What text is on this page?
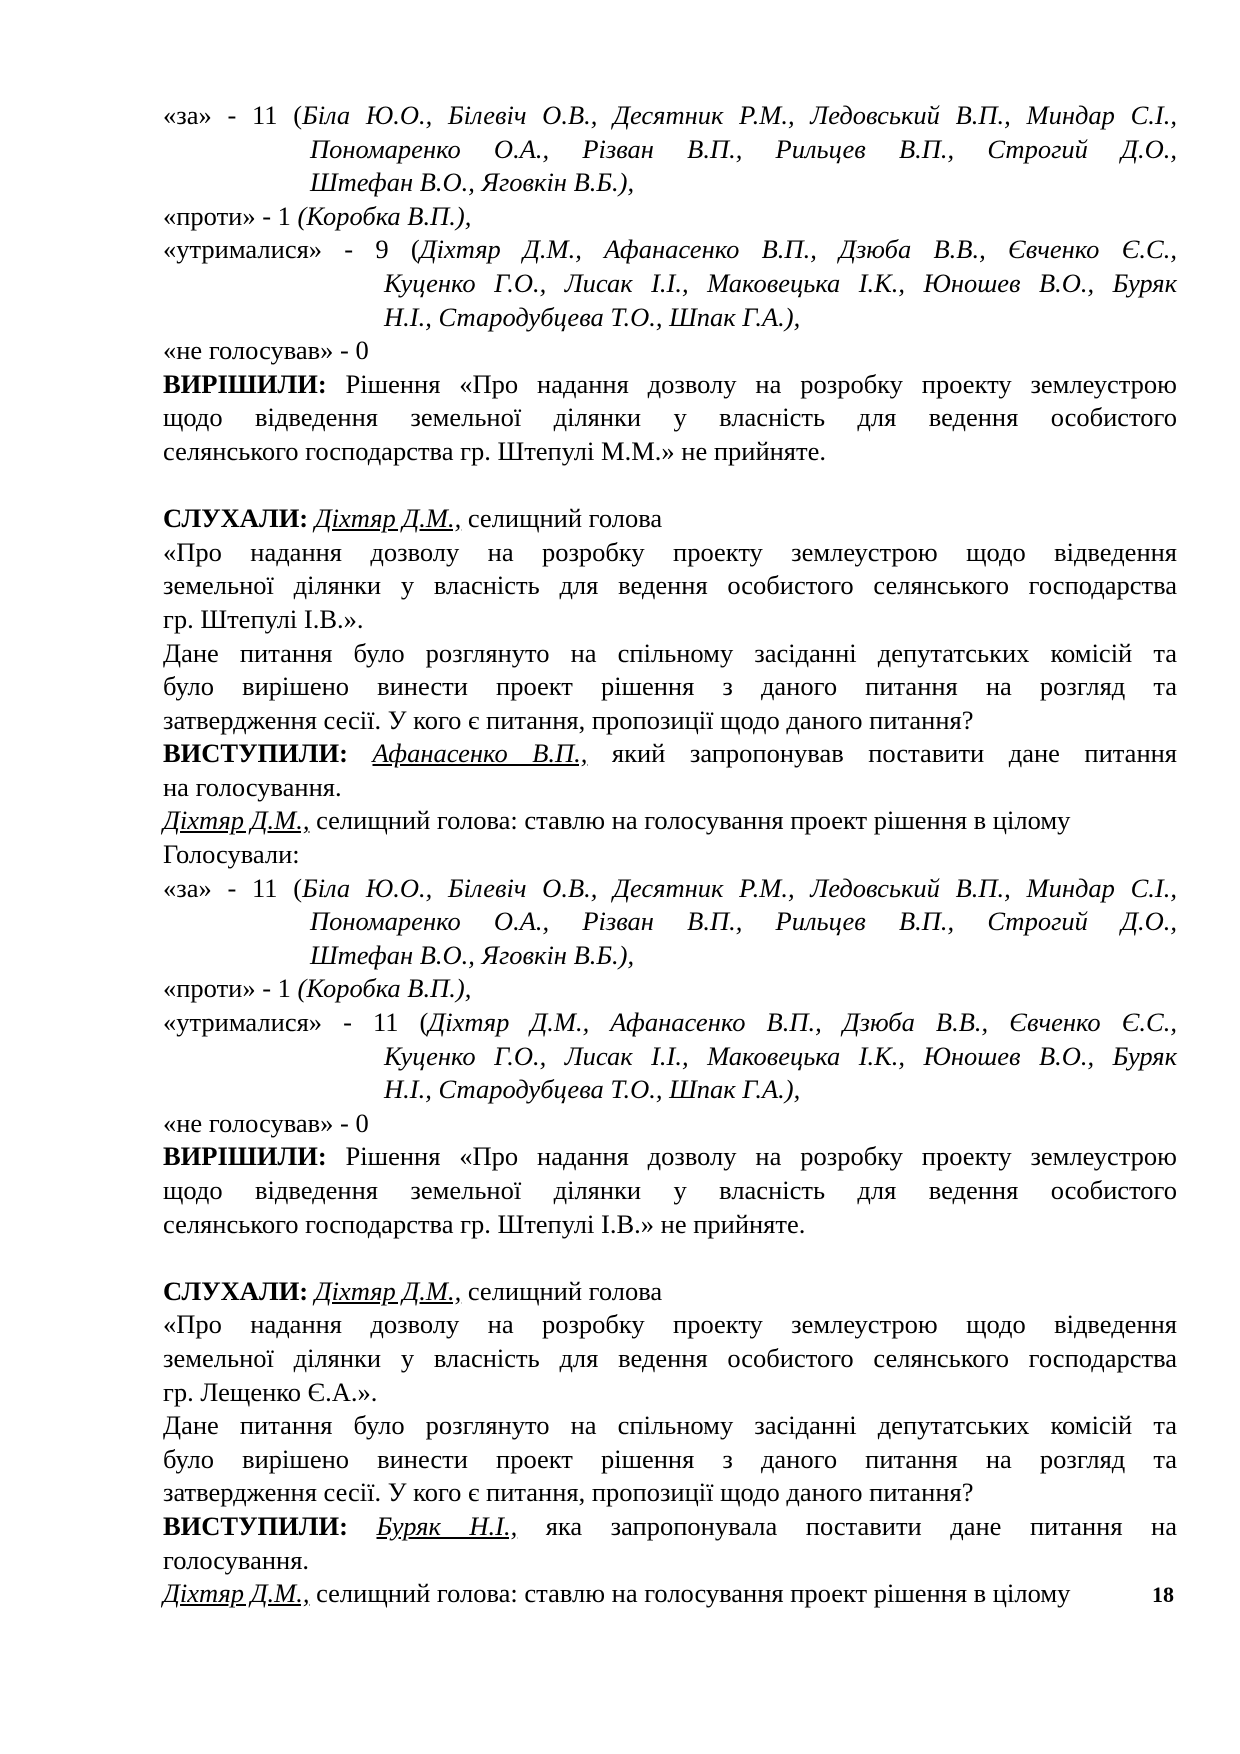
«за» - 11 (Біла Ю.О., Білевіч О.В., Десятник Р.М., Ледовський В.П., Миндар С.І.,
Пономаренко О.А., Різван В.П., Рильцев В.П., Строгий Д.О.,
Штефан В.О., Яговкін В.Б.),
«проти» - 1 (Коробка В.П.),
«утрималися» - 9 (Діхтяр Д.М., Афанасенко В.П., Дзюба В.В., Євченко Є.С.,
Куценко Г.О., Лисак І.І., Маковецька І.К., Юношев В.О., Буряк
Н.І., Стародубцева Т.О., Шпак Г.А.),
«не голосував» - 0
ВИРІШИЛИ: Рішення «Про надання дозволу на розробку проекту землеустрою
щодо відведення земельної ділянки у власність для ведення особистого
селянського господарства гр. Штепулі М.М.» не прийняте.
СЛУХАЛИ: Діхтяр Д.М., селищний голова
«Про надання дозволу на розробку проекту землеустрою щодо відведення
земельної ділянки у власність для ведення особистого селянського господарства
гр. Штепулі І.В.».
Дане питання було розглянуто на спільному засіданні депутатських комісій та
було вирішено винести проект рішення з даного питання на розгляд та
затвердження сесії. У кого є питання, пропозиції щодо даного питання?
ВИСТУПИЛИ: Афанасенко В.П., який запропонував поставити дане питання
на голосування.
Діхтяр Д.М., селищний голова: ставлю на голосування проект рішення в цілому
Голосували:
«за» - 11 (Біла Ю.О., Білевіч О.В., Десятник Р.М., Ледовський В.П., Миндар С.І.,
Пономаренко О.А., Різван В.П., Рильцев В.П., Строгий Д.О.,
Штефан В.О., Яговкін В.Б.),
«проти» - 1 (Коробка В.П.),
«утрималися» - 11 (Діхтяр Д.М., Афанасенко В.П., Дзюба В.В., Євченко Є.С.,
Куценко Г.О., Лисак І.І., Маковецька І.К., Юношев В.О., Буряк
Н.І., Стародубцева Т.О., Шпак Г.А.),
«не голосував» - 0
ВИРІШИЛИ: Рішення «Про надання дозволу на розробку проекту землеустрою
щодо відведення земельної ділянки у власність для ведення особистого
селянського господарства гр. Штепулі І.В.» не прийняте.
СЛУХАЛИ: Діхтяр Д.М., селищний голова
«Про надання дозволу на розробку проекту землеустрою щодо відведення
земельної ділянки у власність для ведення особистого селянського господарства
гр. Лещенко Є.А.».
Дане питання було розглянуто на спільному засіданні депутатських комісій та
було вирішено винести проект рішення з даного питання на розгляд та
затвердження сесії. У кого є питання, пропозиції щодо даного питання?
ВИСТУПИЛИ: Буряк Н.І., яка запропонувала поставити дане питання на
голосування.
Діхтяр Д.М., селищний голова: ставлю на голосування проект рішення в цілому	18
